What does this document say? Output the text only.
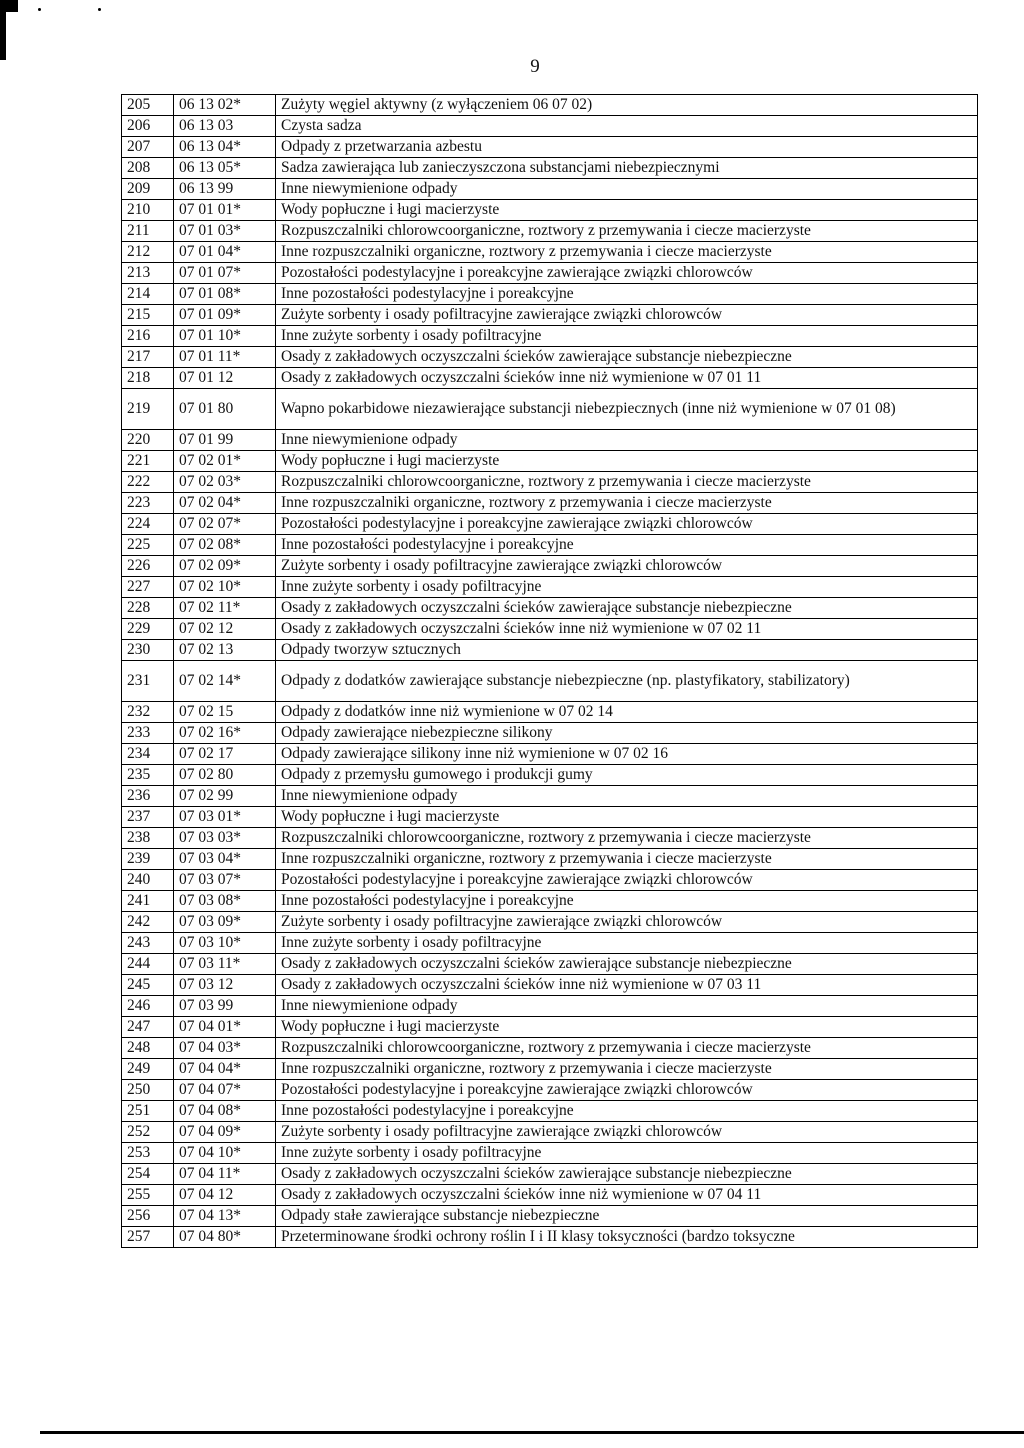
9
205	06 13 02*	Zużyty węgiel aktywny (z wyłączeniem 06 07 02)
206	06 13 03	Czysta sadza
207	06 13 04*	Odpady z przetwarzania azbestu
208	06 13 05*	Sadza zawierająca lub zanieczyszczona substancjami niebezpiecznymi
209	06 13 99	Inne niewymienione odpady
210	07 01 01*	Wody popłuczne i ługi macierzyste
211	07 01 03*	Rozpuszczalniki chlorowcoorganiczne, roztwory z przemywania i ciecze macierzyste
212	07 01 04*	Inne rozpuszczalniki organiczne, roztwory z przemywania i ciecze macierzyste
213	07 01 07*	Pozostałości podestylacyjne i poreakcyjne zawierające związki chlorowców
214	07 01 08*	Inne pozostałości podestylacyjne i poreakcyjne
215	07 01 09*	Zużyte sorbenty i osady pofiltracyjne zawierające związki chlorowców
216	07 01 10*	Inne zużyte sorbenty i osady pofiltracyjne
217	07 01 11*	Osady z zakładowych oczyszczalni ścieków zawierające substancje niebezpieczne
218	07 01 12	Osady z zakładowych oczyszczalni ścieków inne niż wymienione w 07 01 11
219	07 01 80	Wapno pokarbidowe niezawierające substancji niebezpiecznych (inne niż wymienione w 07 01 08)
220	07 01 99	Inne niewymienione odpady
221	07 02 01*	Wody popłuczne i ługi macierzyste
222	07 02 03*	Rozpuszczalniki chlorowcoorganiczne, roztwory z przemywania i ciecze macierzyste
223	07 02 04*	Inne rozpuszczalniki organiczne, roztwory z przemywania i ciecze macierzyste
224	07 02 07*	Pozostałości podestylacyjne i poreakcyjne zawierające związki chlorowców
225	07 02 08*	Inne pozostałości podestylacyjne i poreakcyjne
226	07 02 09*	Zużyte sorbenty i osady pofiltracyjne zawierające związki chlorowców
227	07 02 10*	Inne zużyte sorbenty i osady pofiltracyjne
228	07 02 11*	Osady z zakładowych oczyszczalni ścieków zawierające substancje niebezpieczne
229	07 02 12	Osady z zakładowych oczyszczalni ścieków inne niż wymienione w 07 02 11
230	07 02 13	Odpady tworzyw sztucznych
231	07 02 14*	Odpady z dodatków zawierające substancje niebezpieczne (np. plastyfikatory, stabilizatory)
232	07 02 15	Odpady z dodatków inne niż wymienione w 07 02 14
233	07 02 16*	Odpady zawierające niebezpieczne silikony
234	07 02 17	Odpady zawierające silikony inne niż wymienione w 07 02 16
235	07 02 80	Odpady z przemysłu gumowego i produkcji gumy
236	07 02 99	Inne niewymienione odpady
237	07 03 01*	Wody popłuczne i ługi macierzyste
238	07 03 03*	Rozpuszczalniki chlorowcoorganiczne, roztwory z przemywania i ciecze macierzyste
239	07 03 04*	Inne rozpuszczalniki organiczne, roztwory z przemywania i ciecze macierzyste
240	07 03 07*	Pozostałości podestylacyjne i poreakcyjne zawierające związki chlorowców
241	07 03 08*	Inne pozostałości podestylacyjne i poreakcyjne
242	07 03 09*	Zużyte sorbenty i osady pofiltracyjne zawierające związki chlorowców
243	07 03 10*	Inne zużyte sorbenty i osady pofiltracyjne
244	07 03 11*	Osady z zakładowych oczyszczalni ścieków zawierające substancje niebezpieczne
245	07 03 12	Osady z zakładowych oczyszczalni ścieków inne niż wymienione w 07 03 11
246	07 03 99	Inne niewymienione odpady
247	07 04 01*	Wody popłuczne i ługi macierzyste
248	07 04 03*	Rozpuszczalniki chlorowcoorganiczne, roztwory z przemywania i ciecze macierzyste
249	07 04 04*	Inne rozpuszczalniki organiczne, roztwory z przemywania i ciecze macierzyste
250	07 04 07*	Pozostałości podestylacyjne i poreakcyjne zawierające związki chlorowców
251	07 04 08*	Inne pozostałości podestylacyjne i poreakcyjne
252	07 04 09*	Zużyte sorbenty i osady pofiltracyjne zawierające związki chlorowców
253	07 04 10*	Inne zużyte sorbenty i osady pofiltracyjne
254	07 04 11*	Osady z zakładowych oczyszczalni ścieków zawierające substancje niebezpieczne
255	07 04 12	Osady z zakładowych oczyszczalni ścieków inne niż wymienione w 07 04 11
256	07 04 13*	Odpady stałe zawierające substancje niebezpieczne
257	07 04 80*	Przeterminowane środki ochrony roślin I i II klasy toksyczności (bardzo toksyczne
